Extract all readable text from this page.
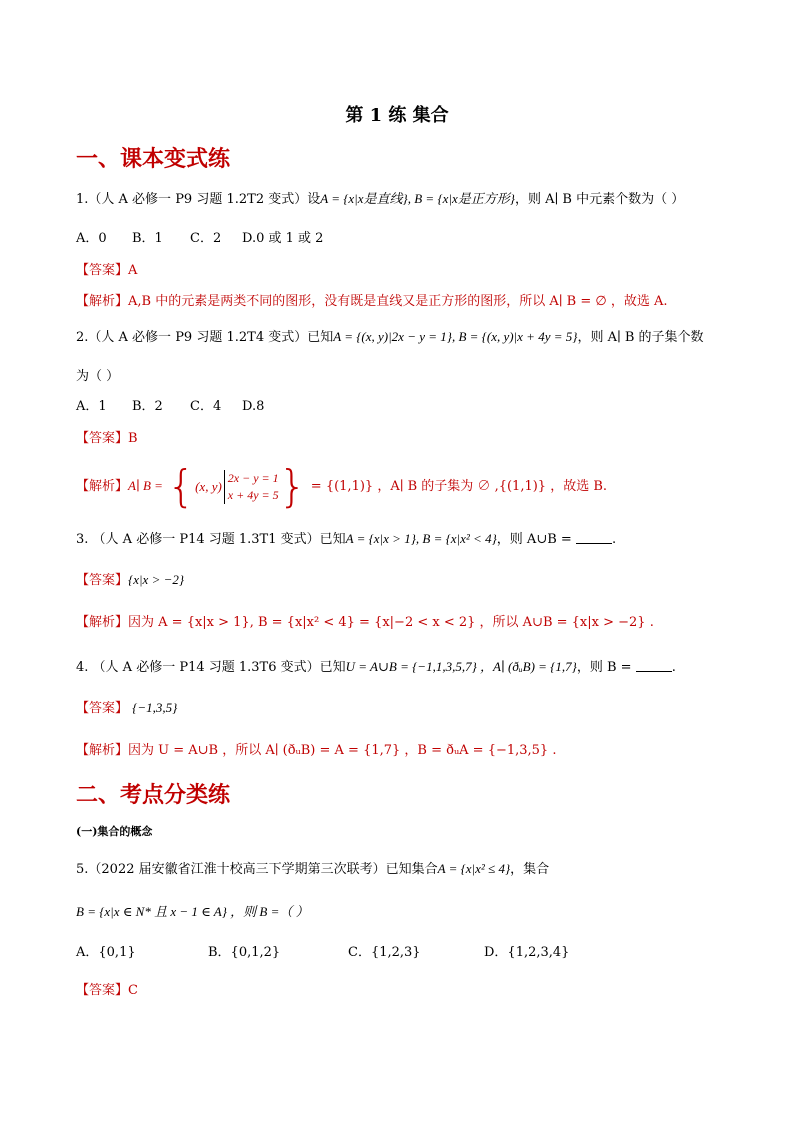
第 1 练 集合
一、课本变式练
1.（人 A 必修一 P9 习题 1.2T2 变式）设A = {x|x是直线}, B = {x|x是正方形}，则 A∣ B 中元素个数为（ ）
A．0 B．1 C．2 D.0 或 1 或 2
【答案】A
【解析】A,B 中的元素是两类不同的图形，没有既是直线又是正方形的图形，所以 A∣ B = ∅ ，故选 A.
2.（人 A 必修一 P9 习题 1.2T4 变式）已知A = {(x, y)|2x − y = 1}, B = {(x, y)|x + 4y = 5}，则 A∣ B 的子集个数
为（ ）
A．1 B．2 C．4 D.8
【答案】B
【解析】A∣ B = { (x, y)
2x − y = 1
x + 4y = 5 } = {(1,1)} ，A∣ B 的子集为 ∅ ,{(1,1)} ，故选 B.
3. （人 A 必修一 P14 习题 1.3T1 变式）已知A = {x|x > 1}, B = {x|x² < 4}，则 A∪B =	.
【答案】{x|x > −2}
【解析】因为 A = {x|x > 1}, B = {x|x² < 4} = {x|−2 < x < 2} ，所以 A∪B = {x|x > −2} .
4. （人 A 必修一 P14 习题 1.3T6 变式）已知U = A∪B = {−1,1,3,5,7} ，A∣ (ðᵤB) = {1,7}，则 B =	.
【答案】 {−1,3,5}
【解析】因为 U = A∪B ，所以 A∣ (ðᵤB) = A = {1,7} ，B = ðᵤA = {−1,3,5} .
二、考点分类练
(一)集合的概念
5.（2022 届安徽省江淮十校高三下学期第三次联考）已知集合A = {x|x² ≤ 4}，集合
B = {x|x ∈ N* 且 x − 1 ∈ A} ，则 B =（ ）
A．{0,1}	B．{0,1,2}	C．{1,2,3}	D．{1,2,3,4}
【答案】C
